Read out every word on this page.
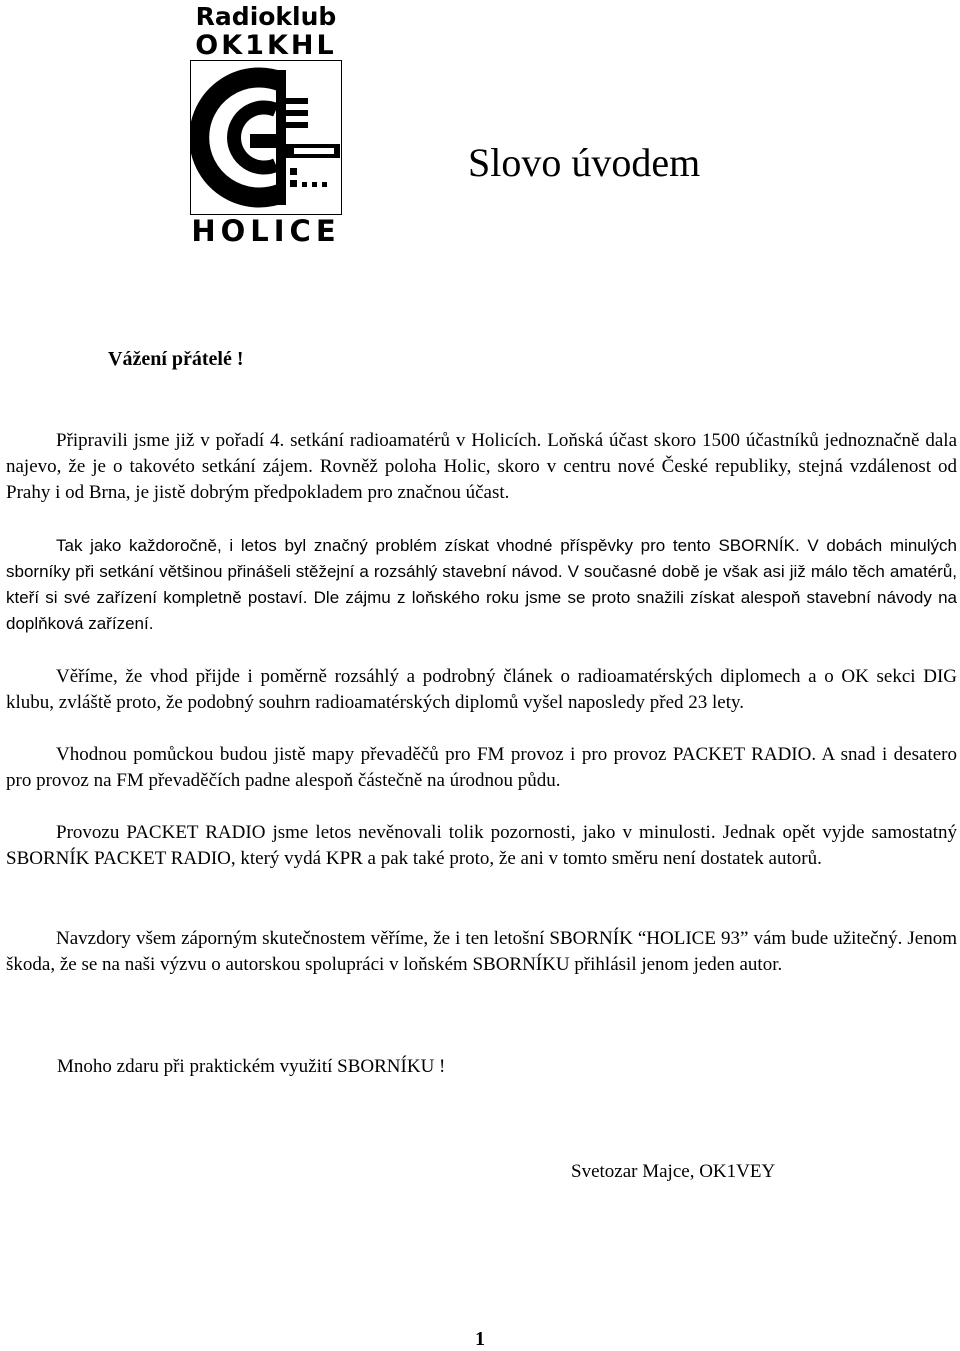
Radioklub
OK1KHL
HOLICE
Slovo úvodem

Vážení přátelé !

Připravili jsme již v pořadí 4. setkání radioamatérů v Holicích. Loňská účast skoro 1500 účastníků jednoznačně dala najevo, že je o takovéto setkání zájem. Rovněž poloha Holic, skoro v centru nové České republiky, stejná vzdálenost od Prahy i od Brna, je jistě dobrým předpokladem pro značnou účast.

Tak jako každoročně, i letos byl značný problém získat vhodné příspěvky pro tento SBORNÍK. V dobách minulých sborníky při setkání většinou přinášeli stěžejní a rozsáhlý stavební návod. V současné době je však asi již málo těch amatérů, kteří si své zařízení kompletně postaví. Dle zájmu z loňského roku jsme se proto snažili získat alespoň stavební návody na doplňková zařízení.

Věříme, že vhod přijde i poměrně rozsáhlý a podrobný článek o radioamatérských diplomech a o OK sekci DIG klubu, zvláště proto, že podobný souhrn radioamatérských diplomů vyšel naposledy před 23 lety.

Vhodnou pomůckou budou jistě mapy převaděčů pro FM provoz i pro provoz PACKET RADIO. A snad i desatero pro provoz na FM převaděčích padne alespoň částečně na úrodnou půdu.

Provozu PACKET RADIO jsme letos nevěnovali tolik pozornosti, jako v minulosti. Jednak opět vyjde samostatný SBORNÍK PACKET RADIO, který vydá KPR a pak také proto, že ani v tomto směru není dostatek autorů.

Navzdory všem záporným skutečnostem věříme, že i ten letošní SBORNÍK “HOLICE 93” vám bude užitečný. Jenom škoda, že se na naši výzvu o autorskou spolupráci v loňském SBORNÍKU přihlásil jenom jeden autor.

Mnoho zdaru při praktickém využití SBORNÍKU !

Svetozar Majce, OK1VEY

1
